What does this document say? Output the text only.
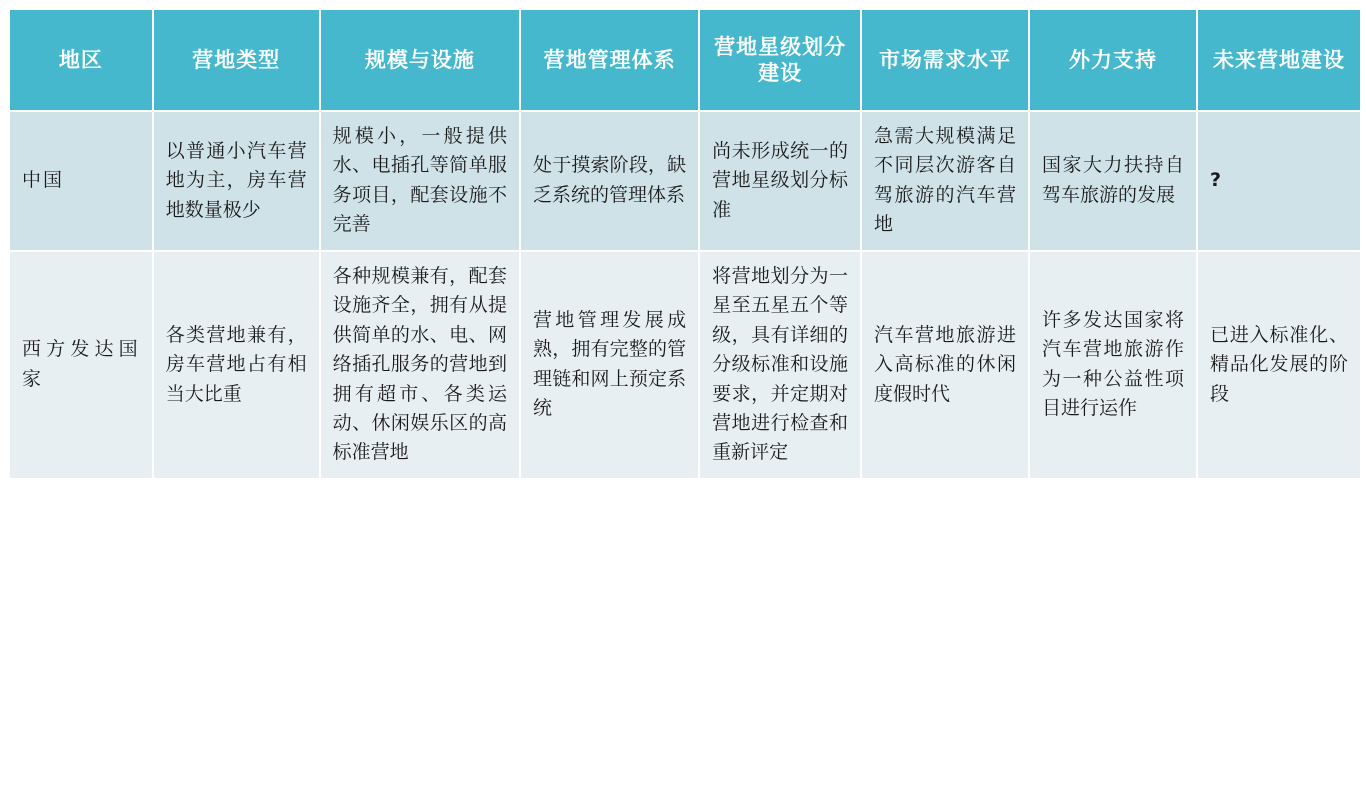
地区	营地类型	规模与设施	营地管理体系	营地星级划分建设	市场需求水平	外力支持	未来营地建设
中国	以普通小汽车营地为主，房车营地数量极少	规模小，一般提供水、电插孔等简单服务项目，配套设施不完善	处于摸索阶段，缺乏系统的管理体系	尚未形成统一的营地星级划分标准	急需大规模满足不同层次游客自驾旅游的汽车营地	国家大力扶持自驾车旅游的发展	?
西方发达国家	各类营地兼有，房车营地占有相当大比重	各种规模兼有，配套设施齐全，拥有从提供简单的水、电、网络插孔服务的营地到拥有超市、各类运动、休闲娱乐区的高标准营地	营地管理发展成熟，拥有完整的管理链和网上预定系统	将营地划分为一星至五星五个等级，具有详细的分级标准和设施要求，并定期对营地进行检查和重新评定	汽车营地旅游进入高标准的休闲度假时代	许多发达国家将汽车营地旅游作为一种公益性项目进行运作	已进入标准化、精品化发展的阶段
